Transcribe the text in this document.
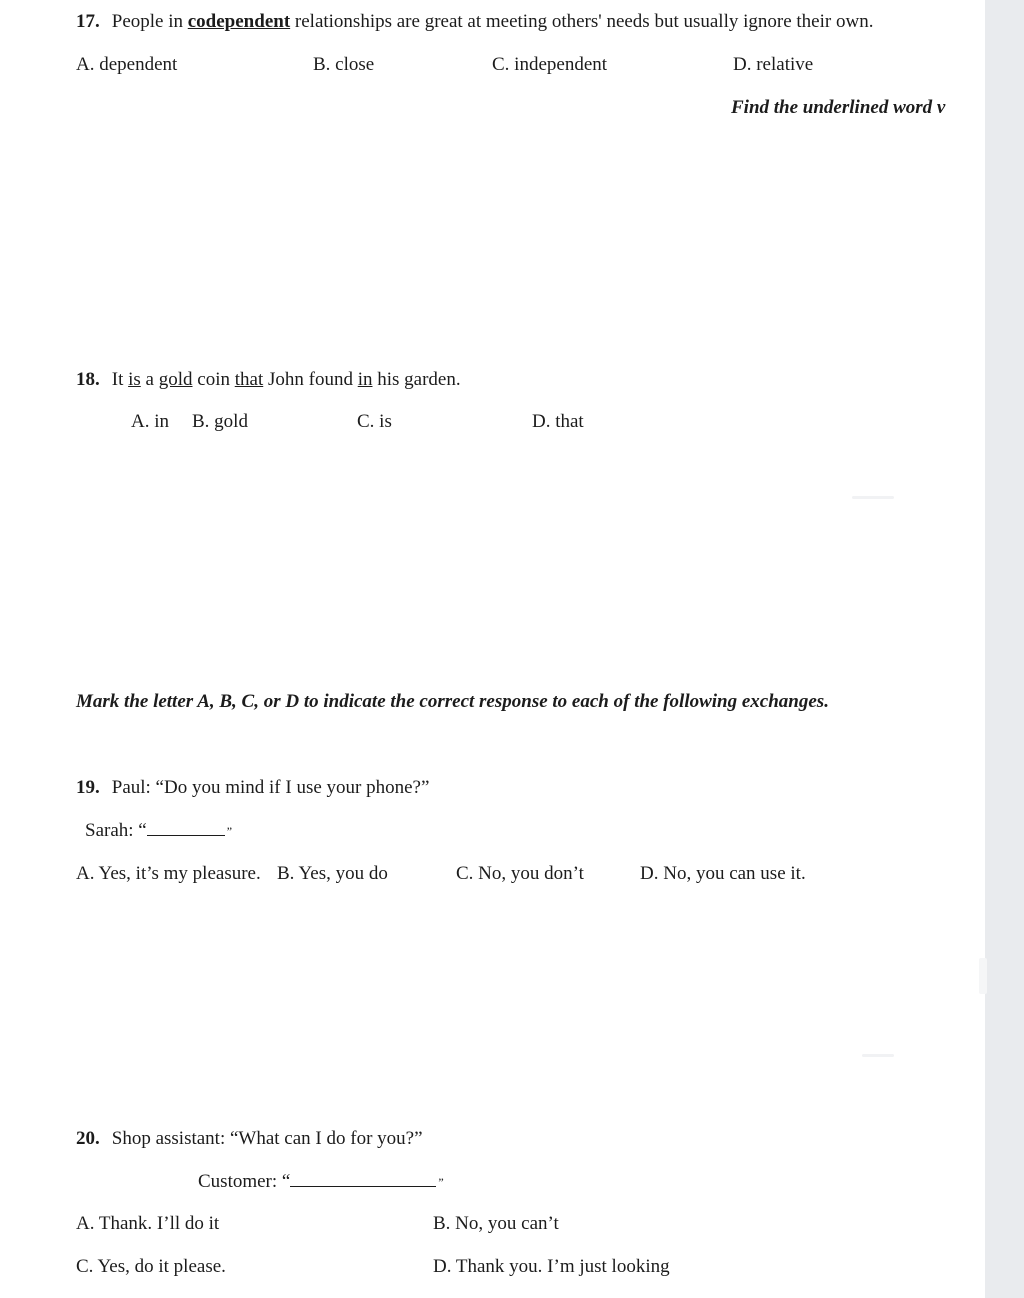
17. People in codependent relationships are great at meeting others' needs but usually ignore their own.
A. dependent	B. close	C. independent	D. relative
Find the underlined word v
18. It is a gold coin that John found in his garden.
A. in B. gold	C. is	D. that
Mark the letter A, B, C, or D to indicate the correct response to each of the following exchanges.
19. Paul: “Do you mind if I use your phone?”
Sarah: “	”
A. Yes, it’s my pleasure. B. Yes, you do	C. No, you don’t	D. No, you can use it.
20. Shop assistant: “What can I do for you?”
Customer: “	”
A. Thank. I’ll do it	B. No, you can’t
C. Yes, do it please.	D. Thank you. I’m just looking
